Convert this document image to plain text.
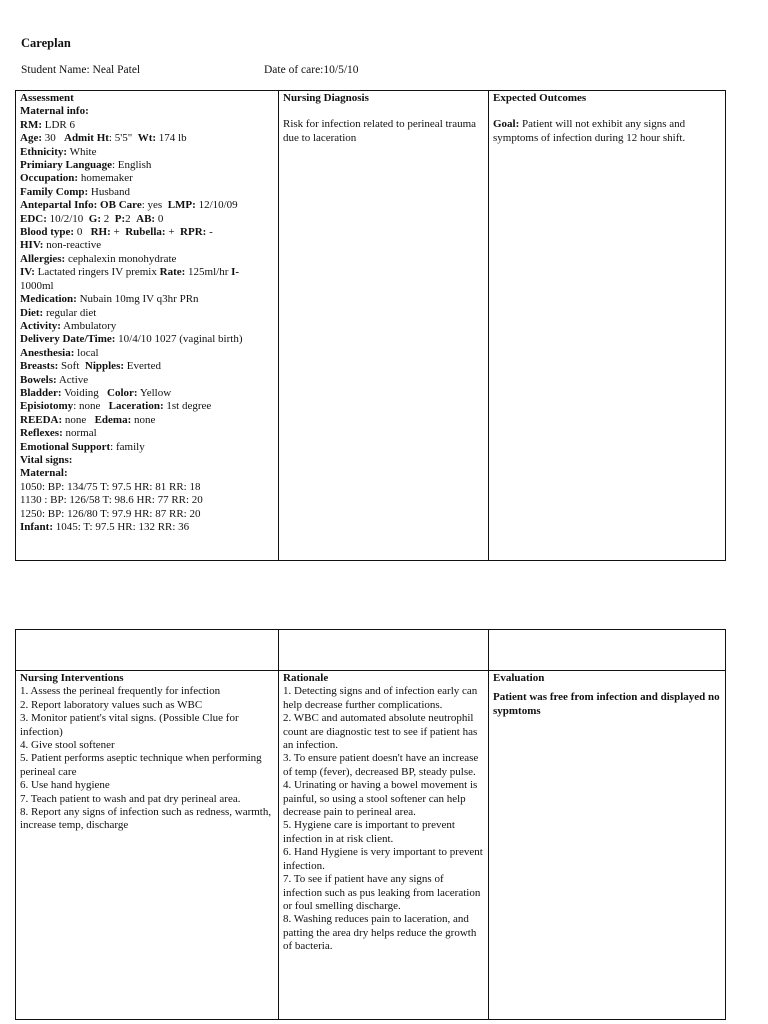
Careplan
Student Name: Neal Patel	Date of care:10/5/10
Assessment
Maternal info:
RM: LDR 6
Age: 30   Admit Ht: 5'5"  Wt: 174 lb
Ethnicity: White
Primiary Language: English
Occupation: homemaker
Family Comp: Husband
Antepartal Info: OB Care: yes  LMP: 12/10/09
EDC: 10/2/10  G: 2  P:2  AB: 0
Blood type: 0   RH: +  Rubella: +  RPR: -
HIV: non-reactive
Allergies: cephalexin monohydrate
IV: Lactated ringers IV premix Rate: 125ml/hr I-
1000ml
Medication: Nubain 10mg IV q3hr PRn
Diet: regular diet
Activity: Ambulatory
Delivery Date/Time: 10/4/10 1027 (vaginal birth)
Anesthesia: local
Breasts: Soft  Nipples: Everted
Bowels: Active
Bladder: Voiding   Color: Yellow
Episiotomy: none   Laceration: 1st degree
REEDA: none   Edema: none
Reflexes: normal
Emotional Support: family
Vital signs:
Maternal:
1050: BP: 134/75 T: 97.5 HR: 81 RR: 18
1130 : BP: 126/58 T: 98.6 HR: 77 RR: 20
1250: BP: 126/80 T: 97.9 HR: 87 RR: 20
Infant: 1045: T: 97.5 HR: 132 RR: 36
Nursing Diagnosis
Risk for infection related to perineal trauma due to laceration
Expected Outcomes
Goal: Patient will not exhibit any signs and symptoms of infection during 12 hour shift.
Nursing Interventions
1. Assess the perineal frequently for infection
2. Report laboratory values such as WBC
3. Monitor patient's vital signs. (Possible Clue for infection)
4. Give stool softener
5. Patient performs aseptic technique when performing perineal care
6. Use hand hygiene
7. Teach patient to wash and pat dry perineal area.
8. Report any signs of infection such as redness, warmth, increase temp, discharge
Rationale
1. Detecting signs and of infection early can help decrease further complications.
2. WBC and automated absolute neutrophil count are diagnostic test to see if patient has an infection.
3. To ensure patient doesn't have an increase of temp (fever), decreased BP, steady pulse.
4. Urinating or having a bowel movement is painful, so using a stool softener can help decrease pain to perineal area.
5. Hygiene care is important to prevent infection in at risk client.
6. Hand Hygiene is very important to prevent infection.
7. To see if patient have any signs of infection such as pus leaking from laceration or foul smelling discharge.
8. Washing reduces pain to laceration, and patting the area dry helps reduce the growth of bacteria.
Evaluation
Patient was free from infection and displayed no sypmtoms
